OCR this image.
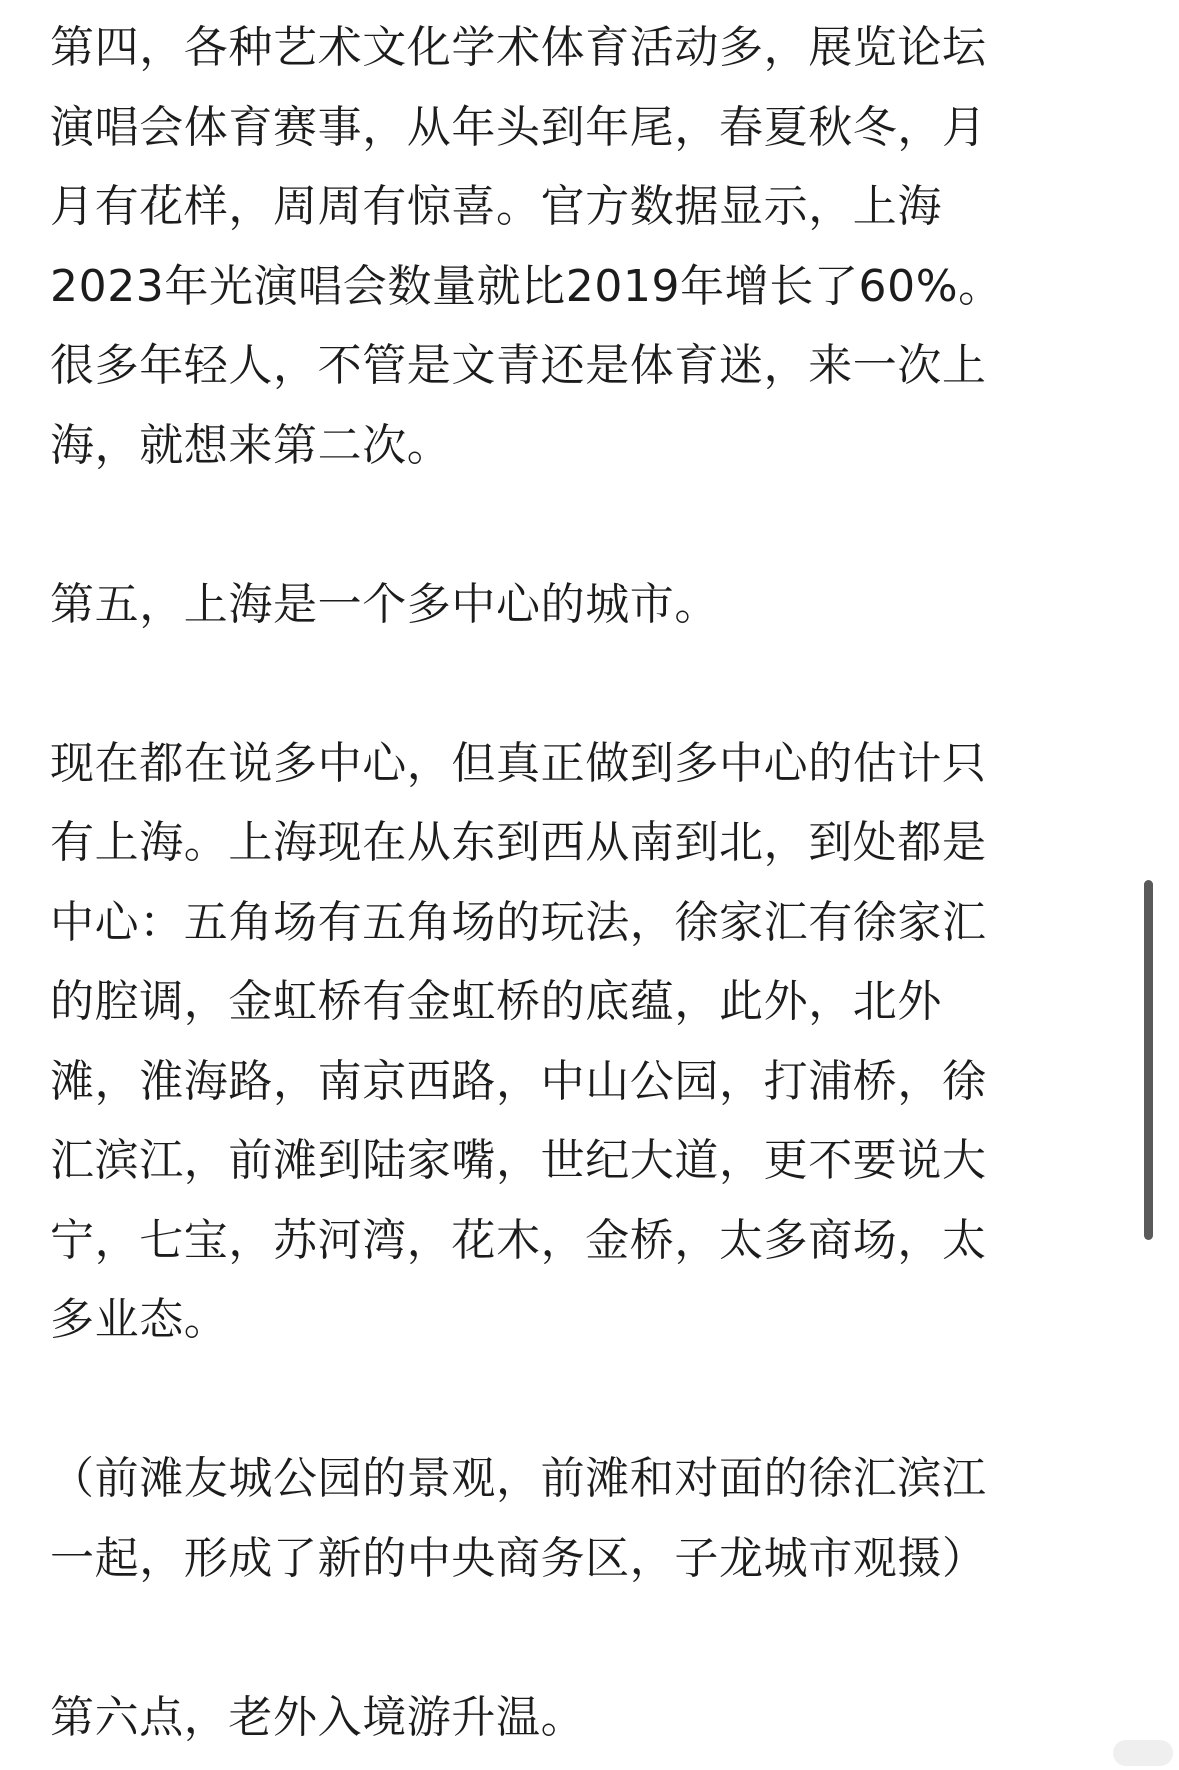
第四，各种艺术文化学术体育活动多，展览论坛
演唱会体育赛事，从年头到年尾，春夏秋冬，月
月有花样，周周有惊喜。官方数据显示，上海
2023年光演唱会数量就比2019年增长了60%。
很多年轻人，不管是文青还是体育迷，来一次上
海，就想来第二次。

第五，上海是一个多中心的城市。

现在都在说多中心，但真正做到多中心的估计只
有上海。上海现在从东到西从南到北，到处都是
中心：五角场有五角场的玩法，徐家汇有徐家汇
的腔调，金虹桥有金虹桥的底蕴，此外，北外
滩，淮海路，南京西路，中山公园，打浦桥，徐
汇滨江，前滩到陆家嘴，世纪大道，更不要说大
宁，七宝，苏河湾，花木，金桥，太多商场，太
多业态。

（前滩友城公园的景观，前滩和对面的徐汇滨江
一起，形成了新的中央商务区，子龙城市观摄）

第六点，老外入境游升温。
